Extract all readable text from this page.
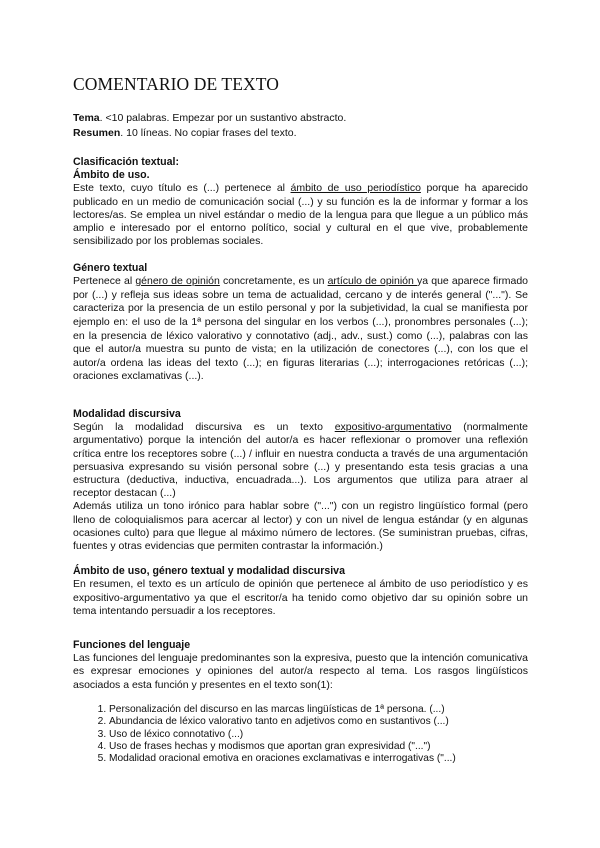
COMENTARIO DE TEXTO

Tema. <10 palabras. Empezar por un sustantivo abstracto.

Resumen. 10 líneas. No copiar frases del texto.

Clasificación textual:

Ámbito de uso.

Este texto, cuyo título es (...) pertenece al ámbito de uso periodístico porque ha aparecido publicado en un medio de comunicación social (...) y su función es la de informar y formar a los lectores/as. Se emplea un nivel estándar o medio de la lengua para que llegue a un público más amplio e interesado por el entorno político, social y cultural en el que vive, probablemente sensibilizado por los problemas sociales.

Género textual

Pertenece al género de opinión concretamente, es un artículo de opinión ya que aparece firmado por (...) y refleja sus ideas sobre un tema de actualidad, cercano y de interés general ("..."). Se caracteriza por la presencia de un estilo personal y por la subjetividad, la cual se manifiesta por ejemplo en: el uso de la 1ª persona del singular en los verbos (...), pronombres personales (...); en la presencia de léxico valorativo y connotativo (adj., adv., sust.) como (...), palabras con las que el autor/a muestra su punto de vista; en la utilización de conectores (...), con los que el autor/a ordena las ideas del texto (...); en figuras literarias (...); interrogaciones retóricas (...); oraciones exclamativas (...).

Modalidad discursiva

Según la modalidad discursiva es un texto expositivo-argumentativo (normalmente argumentativo) porque la intención del autor/a es hacer reflexionar o promover una reflexión crítica entre los receptores sobre (...) / influir en nuestra conducta a través de una argumentación persuasiva expresando su visión personal sobre (...) y presentando esta tesis gracias a una estructura (deductiva, inductiva, encuadrada...). Los argumentos que utiliza para atraer al receptor destacan (...)

Además utiliza un tono irónico para hablar sobre ("...") con un registro lingüístico formal (pero lleno de coloquialismos para acercar al lector) y con un nivel de lengua estándar (y en algunas ocasiones culto) para que llegue al máximo número de lectores. (Se suministran pruebas, cifras, fuentes y otras evidencias que permiten contrastar la información.)

Ámbito de uso, género textual y modalidad discursiva

En resumen, el texto es un artículo de opinión que pertenece al ámbito de uso periodístico y es expositivo-argumentativo ya que el escritor/a ha tenido como objetivo dar su opinión sobre un tema intentando persuadir a los receptores.

Funciones del lenguaje

Las funciones del lenguaje predominantes son la expresiva, puesto que la intención comunicativa es expresar emociones y opiniones del autor/a respecto al tema. Los rasgos lingüísticos asociados a esta función y presentes en el texto son(1):

1. Personalización del discurso en las marcas lingüísticas de 1ª persona. (...)
2. Abundancia de léxico valorativo tanto en adjetivos como en sustantivos (...)
3. Uso de léxico connotativo (...)
4. Uso de frases hechas y modismos que aportan gran expresividad ("...")
5. Modalidad oracional emotiva en oraciones exclamativas e interrogativas ("...)
